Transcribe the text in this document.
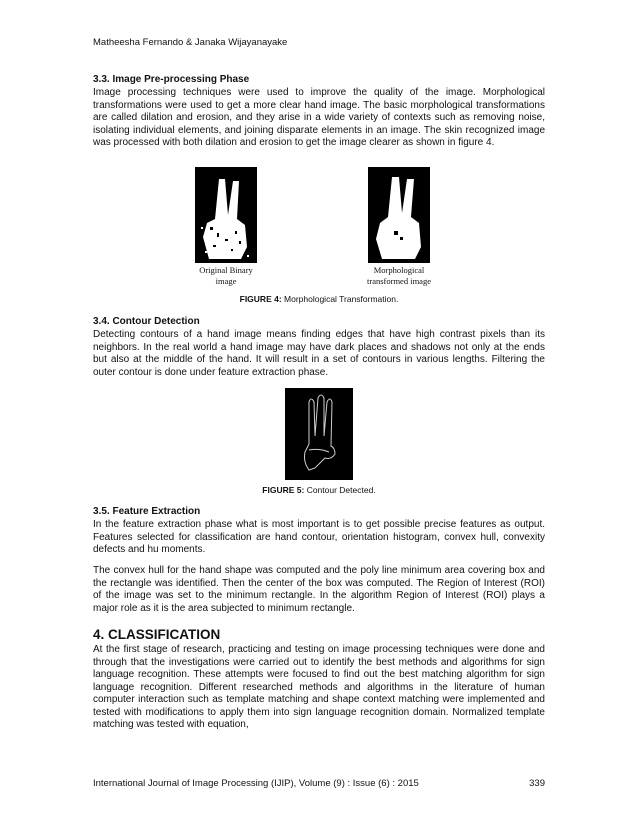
Matheesha Fernando & Janaka Wijayanayake
3.3. Image Pre-processing Phase
Image processing techniques were used to improve the quality of the image. Morphological transformations were used to get a more clear hand image. The basic morphological transformations are called dilation and erosion, and they arise in a wide variety of contexts such as removing noise, isolating individual elements, and joining disparate elements in an image. The skin recognized image was processed with both dilation and erosion to get the image clearer as shown in figure 4.
Original Binary
image
Morphological
transformed image
FIGURE 4: Morphological Transformation.
3.4. Contour Detection
Detecting contours of a hand image means finding edges that have high contrast pixels than its neighbors. In the real world a hand image may have dark places and shadows not only at the ends but also at the middle of the hand. It will result in a set of contours in various lengths. Filtering the outer contour is done under feature extraction phase.
FIGURE 5: Contour Detected.
3.5. Feature Extraction
In the feature extraction phase what is most important is to get possible precise features as output. Features selected for classification are hand contour, orientation histogram, convex hull, convexity defects and hu moments.
The convex hull for the hand shape was computed and the poly line minimum area covering box and the rectangle was identified. Then the center of the box was computed. The Region of Interest (ROI) of the image was set to the minimum rectangle. In the algorithm Region of Interest (ROI) plays a major role as it is the area subjected to minimum rectangle.
4. CLASSIFICATION
At the first stage of research, practicing and testing on image processing techniques were done and through that the investigations were carried out to identify the best methods and algorithms for sign language recognition. These attempts were focused to find out the best matching algorithm for sign language recognition. Different researched methods and algorithms in the literature of human computer interaction such as template matching and shape context matching were implemented and tested with modifications to apply them into sign language recognition domain. Normalized template matching was tested with equation,
International Journal of Image Processing (IJIP), Volume (9) : Issue (6) : 2015	339
